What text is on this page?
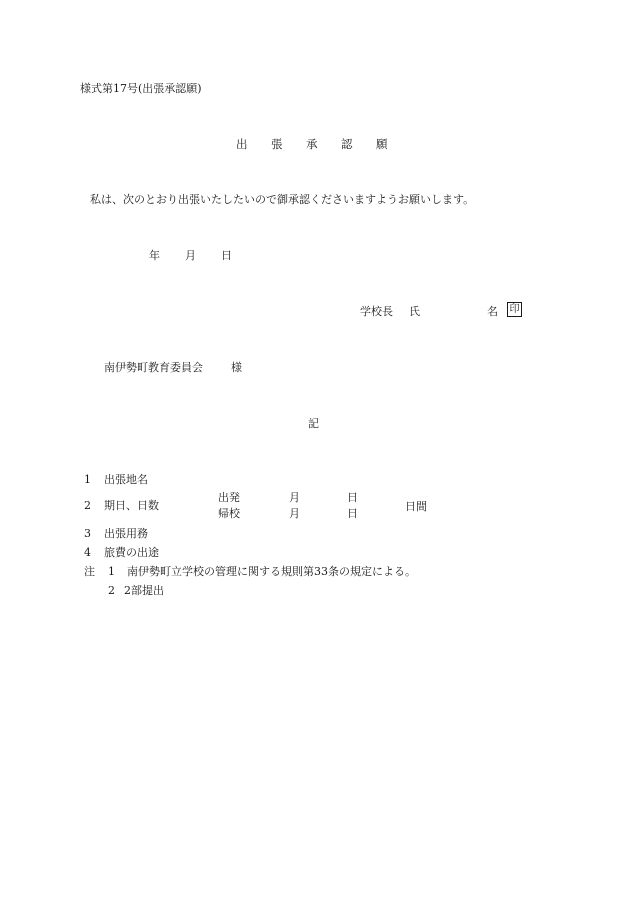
様式第17号(出張承認願)
出	張	承	認	願
私は、次のとおり出張いたしたいので御承認くださいますようお願いします。
年	月	日
学校長 氏	名 印
南伊勢町教育委員会	様
記
1 出張地名
2 期日、日数
出発	月	日
帰校	月	日
日間
3 出張用務
4 旅費の出途
注 1 南伊勢町立学校の管理に関する規則第33条の規定による。
2 2部提出
